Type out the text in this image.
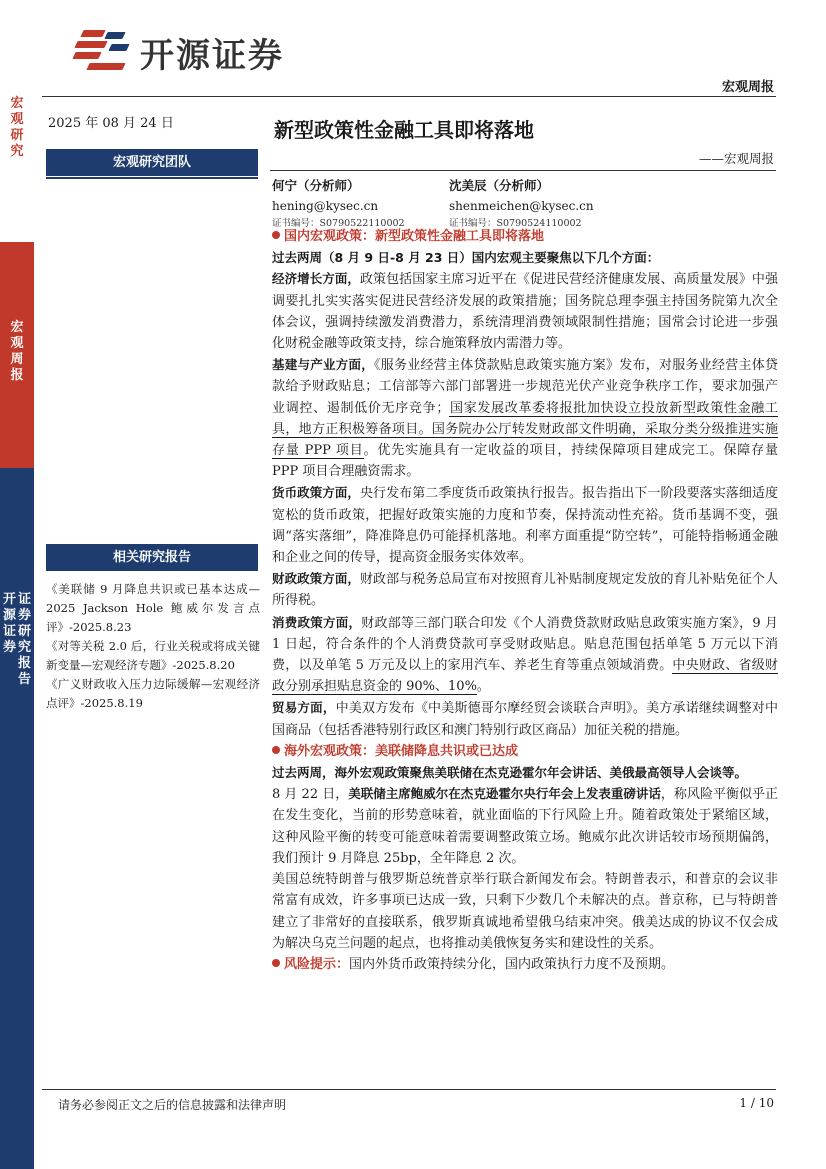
开源证券
宏观周报
宏
观
研
究
宏
观
周
报
开
源
证
券
证
券
研
究
报
告
2025 年 08 月 24 日
宏观研究团队
相关研究报告
《美联储 9 月降息共识或已基本达成—2025 Jackson Hole 鲍威尔发言点评》-2025.8.23
《对等关税 2.0 后，行业关税或将成关键新变量—宏观经济专题》-2025.8.20
《广义财政收入压力边际缓解—宏观经济点评》-2025.8.19
新型政策性金融工具即将落地
——宏观周报
何宁（分析师）
hening@kysec.cn
证书编号：S0790522110002
沈美辰（分析师）
shenmeichen@kysec.cn
证书编号：S0790524110002

国内宏观政策：新型政策性金融工具即将落地

过去两周（8 月 9 日-8 月 23 日）国内宏观主要聚焦以下几个方面：

经济增长方面，政策包括国家主席习近平在《促进民营经济健康发展、高质量发展》中强调要扎扎实实落实促进民营经济发展的政策措施；国务院总理李强主持国务院第九次全体会议，强调持续激发消费潜力，系统清理消费领域限制性措施；国常会讨论进一步强化财税金融等政策支持，综合施策释放内需潜力等。

基建与产业方面，《服务业经营主体贷款贴息政策实施方案》发布，对服务业经营主体贷款给予财政贴息；工信部等六部门部署进一步规范光伏产业竞争秩序工作，要求加强产业调控、遏制低价无序竞争；国家发展改革委将报批加快设立投放新型政策性金融工具，地方正积极筹备项目。国务院办公厅转发财政部文件明确，采取分类分级推进实施存量 PPP 项目。优先实施具有一定收益的项目，持续保障项目建成完工。保障存量 PPP 项目合理融资需求。

货币政策方面，央行发布第二季度货币政策执行报告。报告指出下一阶段要落实落细适度宽松的货币政策，把握好政策实施的力度和节奏，保持流动性充裕。货币基调不变，强调“落实落细”，降准降息仍可能择机落地。利率方面重提“防空转”，可能特指畅通金融和企业之间的传导，提高资金服务实体效率。

财政政策方面，财政部与税务总局宣布对按照育儿补贴制度规定发放的育儿补贴免征个人所得税。

消费政策方面，财政部等三部门联合印发《个人消费贷款财政贴息政策实施方案》，9 月 1 日起，符合条件的个人消费贷款可享受财政贴息。贴息范围包括单笔 5 万元以下消费，以及单笔 5 万元及以上的家用汽车、养老生育等重点领域消费。中央财政、省级财政分别承担贴息资金的 90%、10%。

贸易方面，中美双方发布《中美斯德哥尔摩经贸会谈联合声明》。美方承诺继续调整对中国商品（包括香港特别行政区和澳门特别行政区商品）加征关税的措施。

海外宏观政策：美联储降息共识或已达成

过去两周，海外宏观政策聚焦美联储在杰克逊霍尔年会讲话、美俄最高领导人会谈等。

8 月 22 日，美联储主席鲍威尔在杰克逊霍尔央行年会上发表重磅讲话，称风险平衡似乎正在发生变化，当前的形势意味着，就业面临的下行风险上升。随着政策处于紧缩区域，这种风险平衡的转变可能意味着需要调整政策立场。鲍威尔此次讲话较市场预期偏鸽，我们预计 9 月降息 25bp，全年降息 2 次。

美国总统特朗普与俄罗斯总统普京举行联合新闻发布会。特朗普表示，和普京的会议非常富有成效，许多事项已达成一致，只剩下少数几个未解决的点。普京称，已与特朗普建立了非常好的直接联系，俄罗斯真诚地希望俄乌结束冲突。俄美达成的协议不仅会成为解决乌克兰问题的起点，也将推动美俄恢复务实和建设性的关系。

风险提示：国内外货币政策持续分化，国内政策执行力度不及预期。

请务必参阅正文之后的信息披露和法律声明	1 / 10
